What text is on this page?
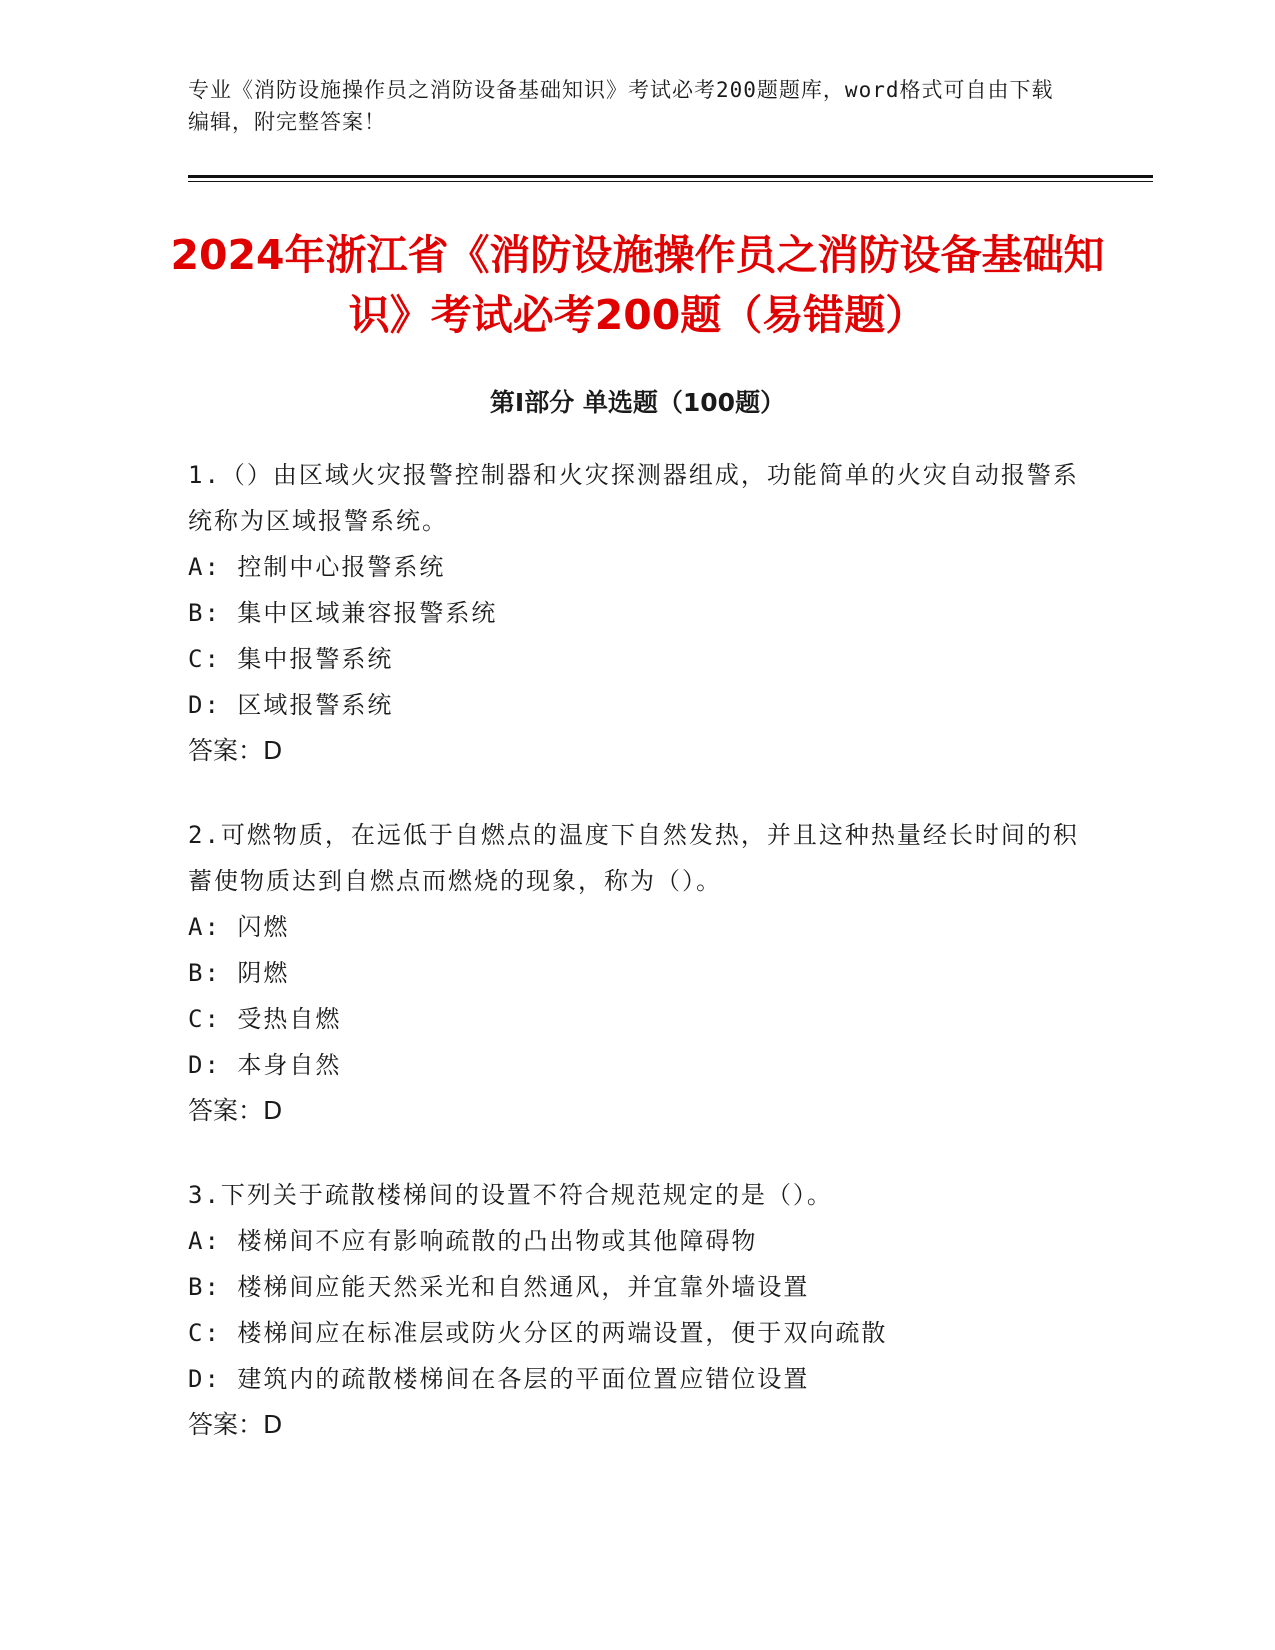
专业《消防设施操作员之消防设备基础知识》考试必考200题题库，word格式可自由下载编辑，附完整答案！
2024年浙江省《消防设施操作员之消防设备基础知识》考试必考200题（易错题）
第I部分 单选题（100题）
1.（）由区域火灾报警控制器和火灾探测器组成，功能简单的火灾自动报警系统称为区域报警系统。
A: 控制中心报警系统
B: 集中区域兼容报警系统
C: 集中报警系统
D: 区域报警系统
答案：D
2.可燃物质，在远低于自燃点的温度下自然发热，并且这种热量经长时间的积蓄使物质达到自燃点而燃烧的现象，称为（）。
A: 闪燃
B: 阴燃
C: 受热自燃
D: 本身自然
答案：D
3.下列关于疏散楼梯间的设置不符合规范规定的是（）。
A: 楼梯间不应有影响疏散的凸出物或其他障碍物
B: 楼梯间应能天然采光和自然通风，并宜靠外墙设置
C: 楼梯间应在标准层或防火分区的两端设置，便于双向疏散
D: 建筑内的疏散楼梯间在各层的平面位置应错位设置
答案：D
